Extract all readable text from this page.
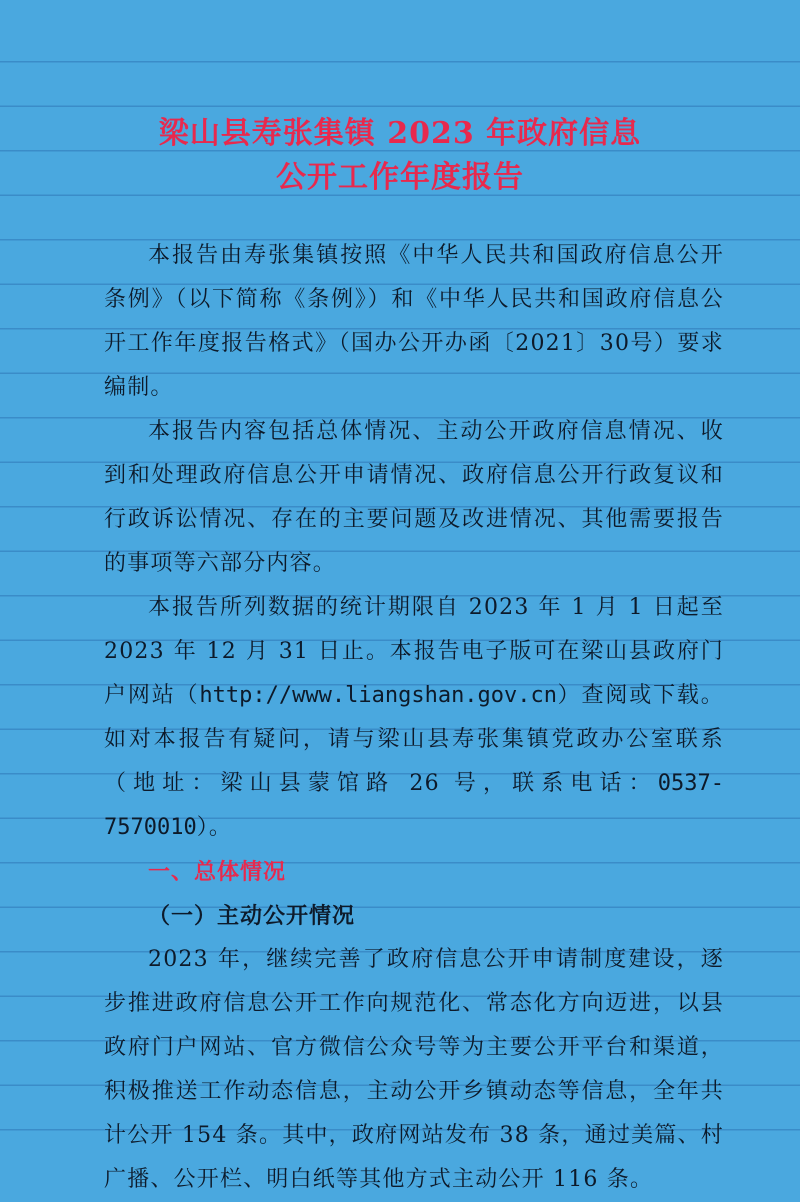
梁山县寿张集镇 2023 年政府信息
公开工作年度报告

本报告由寿张集镇按照《中华人民共和国政府信息公开条例》（以下简称《条例》）和《中华人民共和国政府信息公开工作年度报告格式》（国办公开办函〔2021〕30号）要求编制。

本报告内容包括总体情况、主动公开政府信息情况、收到和处理政府信息公开申请情况、政府信息公开行政复议和行政诉讼情况、存在的主要问题及改进情况、其他需要报告的事项等六部分内容。

本报告所列数据的统计期限自 2023 年 1 月 1 日起至 2023 年 12 月 31 日止。本报告电子版可在梁山县政府门户网站（http://www.liangshan.gov.cn）查阅或下载。如对本报告有疑问，请与梁山县寿张集镇党政办公室联系（地址：梁山县蒙馆路 26 号，联系电话：0537-7570010）。

一、总体情况

（一）主动公开情况

2023 年，继续完善了政府信息公开申请制度建设，逐步推进政府信息公开工作向规范化、常态化方向迈进，以县政府门户网站、官方微信公众号等为主要公开平台和渠道，积极推送工作动态信息，主动公开乡镇动态等信息，全年共计公开 154 条。其中，政府网站发布 38 条，通过美篇、村广播、公开栏、明白纸等其他方式主动公开 116 条。
